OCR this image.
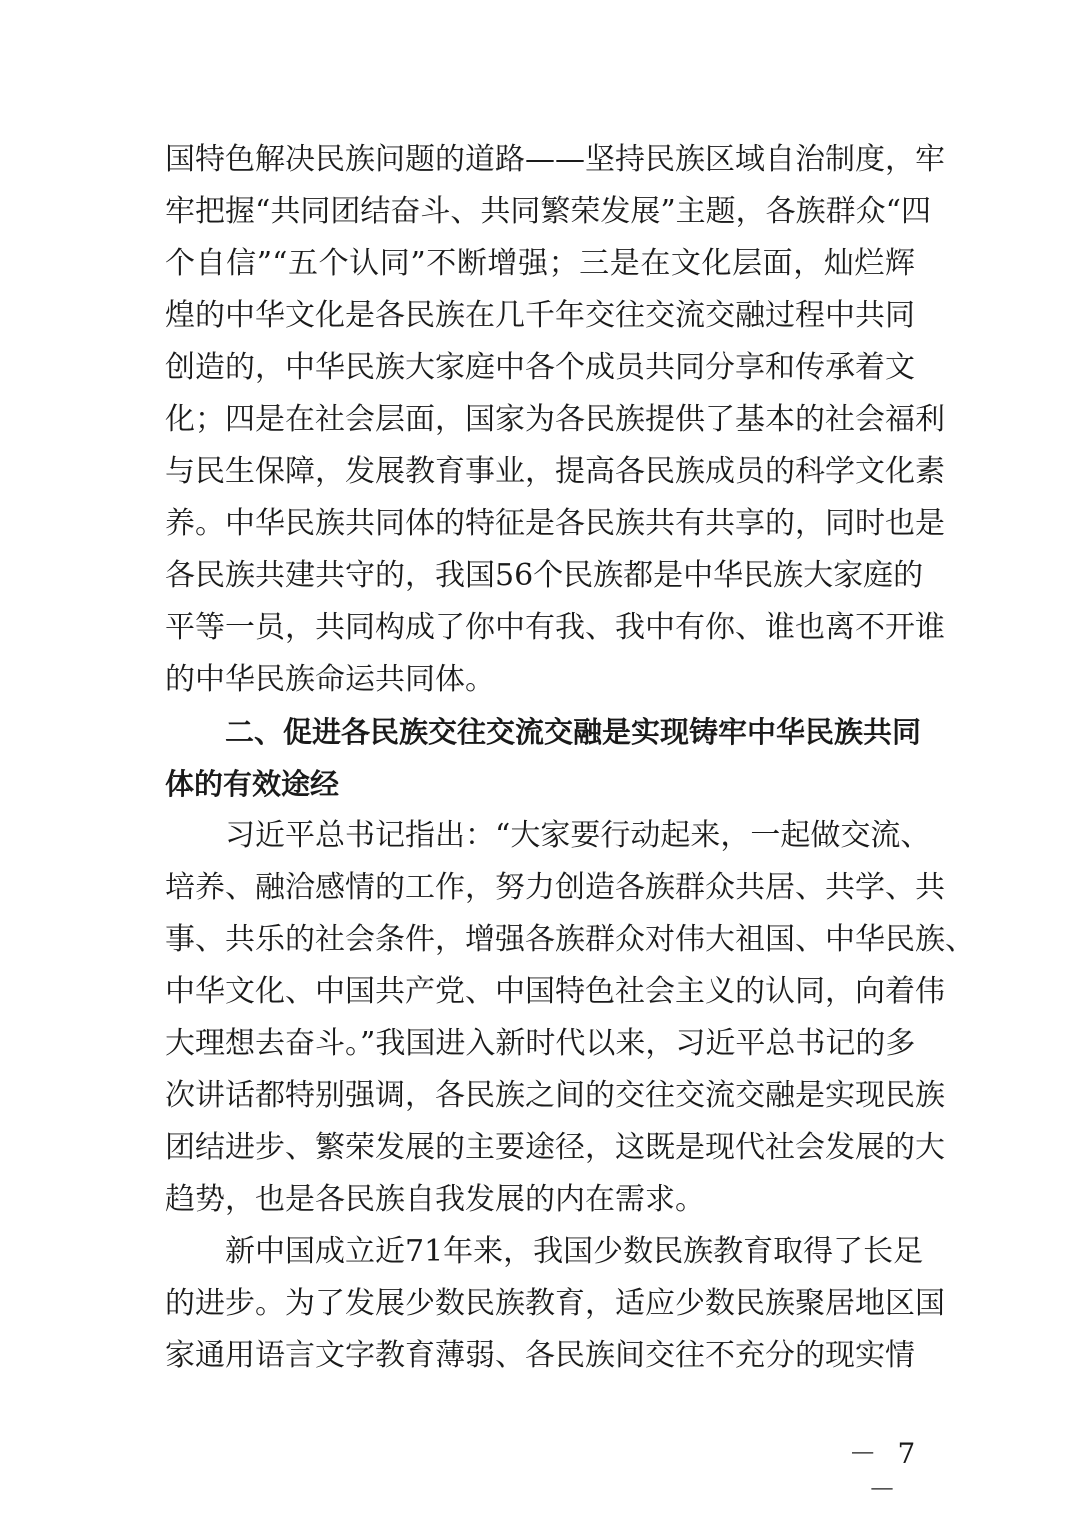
国特色解决民族问题的道路——坚持民族区域自治制度，牢
牢把握“共同团结奋斗、共同繁荣发展”主题，各族群众“四
个自信”“五个认同”不断增强；三是在文化层面，灿烂辉
煌的中华文化是各民族在几千年交往交流交融过程中共同
创造的，中华民族大家庭中各个成员共同分享和传承着文
化；四是在社会层面，国家为各民族提供了基本的社会福利
与民生保障，发展教育事业，提高各民族成员的科学文化素
养。中华民族共同体的特征是各民族共有共享的，同时也是
各民族共建共守的，我国56个民族都是中华民族大家庭的
平等一员，共同构成了你中有我、我中有你、谁也离不开谁
的中华民族命运共同体。
二、促进各民族交往交流交融是实现铸牢中华民族共同
体的有效途经
习近平总书记指出：“大家要行动起来，一起做交流、
培养、融洽感情的工作，努力创造各族群众共居、共学、共
事、共乐的社会条件，增强各族群众对伟大祖国、中华民族、
中华文化、中国共产党、中国特色社会主义的认同，向着伟
大理想去奋斗。”我国进入新时代以来，习近平总书记的多
次讲话都特别强调，各民族之间的交往交流交融是实现民族
团结进步、繁荣发展的主要途径，这既是现代社会发展的大
趋势，也是各民族自我发展的内在需求。
新中国成立近71年来，我国少数民族教育取得了长足
的进步。为了发展少数民族教育，适应少数民族聚居地区国
家通用语言文字教育薄弱、各民族间交往不充分的现实情
－ 7 －
